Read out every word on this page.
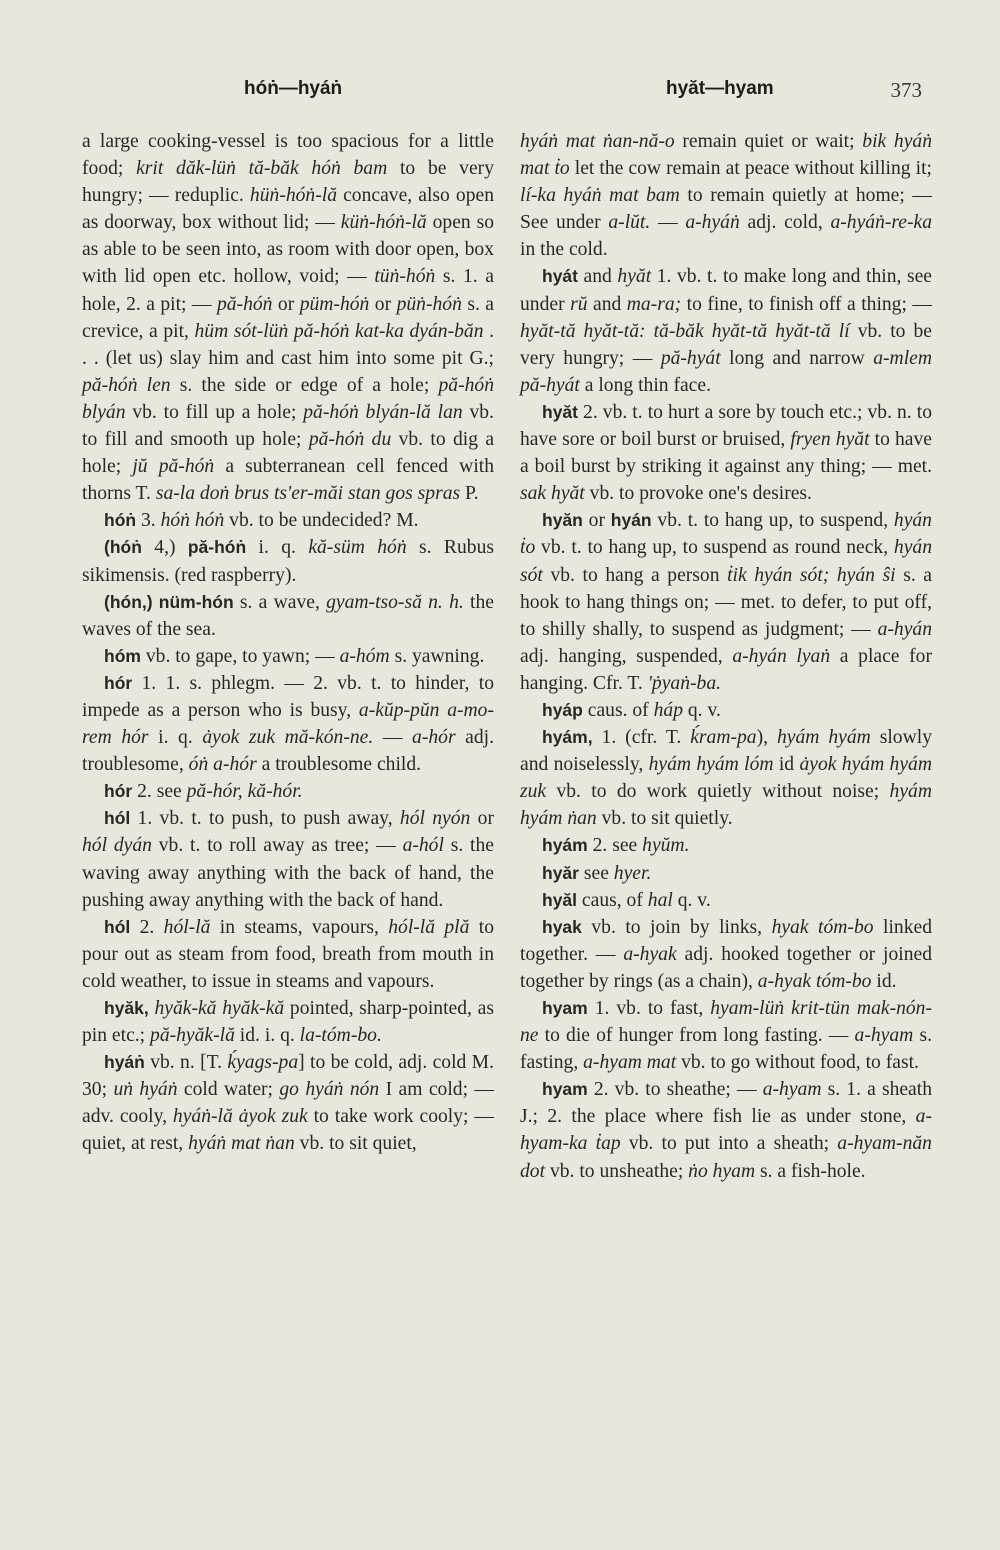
hóṅ—hyáṅ	hyăt—hyam	373

a large cooking-vessel is too spacious for a little food; krit dăk-lüṅ tă-băk hóṅ bam to be very hungry; — reduplic. hüṅ-hóṅ-lă concave, also open as doorway, box without lid; — küṅ-hóṅ-lă open so as able to be seen into, as room with door open, box with lid open etc. hollow, void; — tüṅ-hóṅ s. 1. a hole, 2. a pit; — pă-hóṅ or püm-hóṅ or püṅ-hóṅ s. a crevice, a pit, hüm sót-lüṅ pă-hóṅ kat-ka dyán-băn . . . (let us) slay him and cast him into some pit G.; pă-hóṅ len s. the side or edge of a hole; pă-hóṅ blyán vb. to fill up a hole; pă-hóṅ blyán-lă lan vb. to fill and smooth up hole; pă-hóṅ du vb. to dig a hole; jŭ pă-hóṅ a subterranean cell fenced with thorns T. sa-la doṅ brus ts'er-măi stan gos spras P.

hóṅ 3. hóṅ hóṅ vb. to be undecided? M.

(hóṅ 4,) pă-hóṅ i. q. kă-süm hóṅ s. Rubus sikimensis. (red raspberry).

(hón,) nüm-hón s. a wave, gyam-tso-să n. h. the waves of the sea.

hóm vb. to gape, to yawn; — a-hóm s. yawning.

hór 1. 1. s. phlegm. — 2. vb. t. to hinder, to impede as a person who is busy, a-kŭp-pŭn a-mo-rem hór i. q. ȧyok zuk mă-kón-ne. — a-hór adj. troublesome, óṅ a-hór a troublesome child.

hór 2. see pă-hór, kă-hór.

hól 1. vb. t. to push, to push away, hól nyón or hól dyán vb. t. to roll away as tree; — a-hól s. the waving away anything with the back of hand, the pushing away anything with the back of hand.

hól 2. hól-lă in steams, vapours, hól-lă plă to pour out as steam from food, breath from mouth in cold weather, to issue in steams and vapours.

hyăk, hyăk-kă hyăk-kă pointed, sharp-pointed, as pin etc.; pă-hyăk-lă id. i. q. la-tóm-bo.

hyáṅ vb. n. [T. ḱyags-pa] to be cold, adj. cold M. 30; uṅ hyáṅ cold water; go hyáṅ nón I am cold; — adv. cooly, hyáṅ-lă ȧyok zuk to take work cooly; — quiet, at rest, hyáṅ mat ṅan vb. to sit quiet,

hyáṅ mat ṅan-nă-o remain quiet or wait; bik hyáṅ mat ṫo let the cow remain at peace without killing it; lí-ka hyáṅ mat bam to remain quietly at home; — See under a-lŭt. — a-hyáṅ adj. cold, a-hyáṅ-re-ka in the cold.

hyát and hyăt 1. vb. t. to make long and thin, see under rŭ and ma-ra; to fine, to finish off a thing; — hyăt-tă hyăt-tă: tă-băk hyăt-tă hyăt-tă lí vb. to be very hungry; — pă-hyát long and narrow a-mlem pă-hyát a long thin face.

hyăt 2. vb. t. to hurt a sore by touch etc.; vb. n. to have sore or boil burst or bruised, fryen hyăt to have a boil burst by striking it against any thing; — met. sak hyăt vb. to provoke one's desires.

hyăn or hyán vb. t. to hang up, to suspend, hyán ṫo vb. t. to hang up, to suspend as round neck, hyán sót vb. to hang a person ṫik hyán sót; hyán ŝi s. a hook to hang things on; — met. to defer, to put off, to shilly shally, to suspend as judgment; — a-hyán adj. hanging, suspended, a-hyán lyaṅ a place for hanging. Cfr. T. 'ṗyaṅ-ba.

hyáp caus. of háp q. v.

hyám, 1. (cfr. T. ḱram-pa), hyám hyám slowly and noiselessly, hyám hyám lóm id ȧyok hyám hyám zuk vb. to do work quietly without noise; hyám hyám ṅan vb. to sit quietly.

hyám 2. see hyŭm.

hyăr see hyer.

hyăl caus, of hal q. v.

hyak vb. to join by links, hyak tóm-bo linked together. — a-hyak adj. hooked together or joined together by rings (as a chain), a-hyak tóm-bo id.

hyam 1. vb. to fast, hyam-lüṅ krit-tün mak-nón-ne to die of hunger from long fasting. — a-hyam s. fasting, a-hyam mat vb. to go without food, to fast.

hyam 2. vb. to sheathe; — a-hyam s. 1. a sheath J.; 2. the place where fish lie as under stone, a-hyam-ka ṫap vb. to put into a sheath; a-hyam-năn dot vb. to unsheathe; ṅo hyam s. a fish-hole.
